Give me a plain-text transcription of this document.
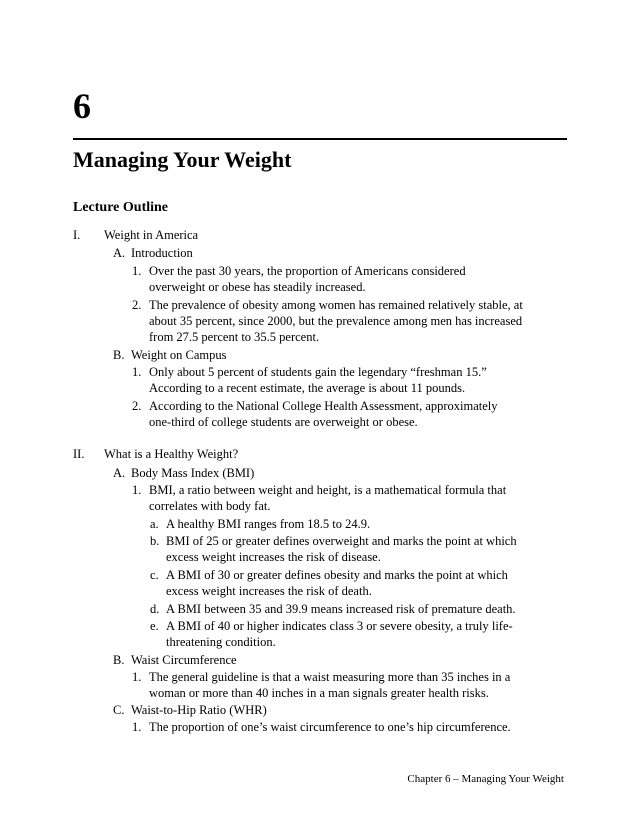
6
Managing Your Weight
Lecture Outline
I. Weight in America
A. Introduction
1. Over the past 30 years, the proportion of Americans considered
overweight or obese has steadily increased.
2. The prevalence of obesity among women has remained relatively stable, at
about 35 percent, since 2000, but the prevalence among men has increased
from 27.5 percent to 35.5 percent.
B. Weight on Campus
1. Only about 5 percent of students gain the legendary “freshman 15.”
According to a recent estimate, the average is about 11 pounds.
2. According to the National College Health Assessment, approximately
one-third of college students are overweight or obese.
II. What is a Healthy Weight?
A. Body Mass Index (BMI)
1. BMI, a ratio between weight and height, is a mathematical formula that
correlates with body fat.
a. A healthy BMI ranges from 18.5 to 24.9.
b. BMI of 25 or greater defines overweight and marks the point at which
excess weight increases the risk of disease.
c. A BMI of 30 or greater defines obesity and marks the point at which
excess weight increases the risk of death.
d. A BMI between 35 and 39.9 means increased risk of premature death.
e. A BMI of 40 or higher indicates class 3 or severe obesity, a truly life-
threatening condition.
B. Waist Circumference
1. The general guideline is that a waist measuring more than 35 inches in a
woman or more than 40 inches in a man signals greater health risks.
C. Waist-to-Hip Ratio (WHR)
1. The proportion of one’s waist circumference to one’s hip circumference.
Chapter 6 – Managing Your Weight
